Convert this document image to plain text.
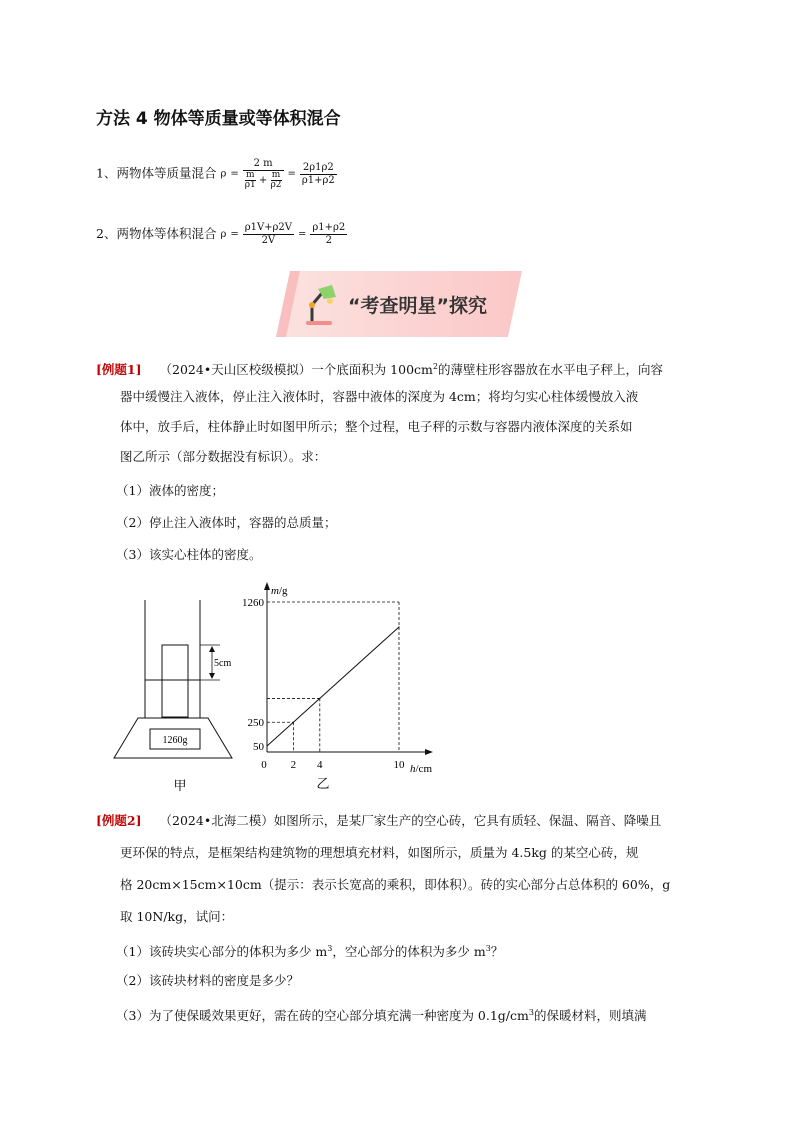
方法 4 物体等质量或等体积混合
1、两物体等质量混合 $\rho = \frac{2 m}{\frac{m}{\rho 1} + \frac{m}{\rho 2}} = \frac{2\rho 1\rho 2}{\rho 1+\rho 2}$
2、两物体等体积混合 $\rho = \frac{\rho 1V+\rho 2V}{2V} = \frac{\rho 1+\rho 2}{2}$
“考查明星”探究
[例题1] （2024•天山区校级模拟）一个底面积为 $100cm^2$的薄壁柱形容器放在水平电子秤上，向容
器中缓慢注入液体，停止注入液体时，容器中液体的深度为 4cm；将均匀实心柱体缓慢放入液
体中，放手后，柱体静止时如图甲所示；整个过程，电子秤的示数与容器内液体深度的关系如
图乙所示（部分数据没有标识）。求：
（1）液体的密度；
（2）停止注入液体时，容器的总质量；
（3）该实心柱体的密度。
5cm
1260g
甲
m/g
h/cm
0 2 4	10
50
250
1260
乙
[例题2] （2024•北海二模）如图所示，是某厂家生产的空心砖，它具有质轻、保温、隔音、降噪且
更环保的特点，是框架结构建筑物的理想填充材料，如图所示，质量为 4.5kg 的某空心砖，规
格 20cm×15cm×10cm（提示：表示长宽高的乘积，即体积）。砖的实心部分占总体积的 60%，g
取 10N/kg，试问：
（1）该砖块实心部分的体积为多少 $m^3$，空心部分的体积为多少 $m^3$？
（2）该砖块材料的密度是多少？
（3）为了使保暖效果更好，需在砖的空心部分填充满一种密度为 $0.1g/cm^3$的保暖材料，则填满
